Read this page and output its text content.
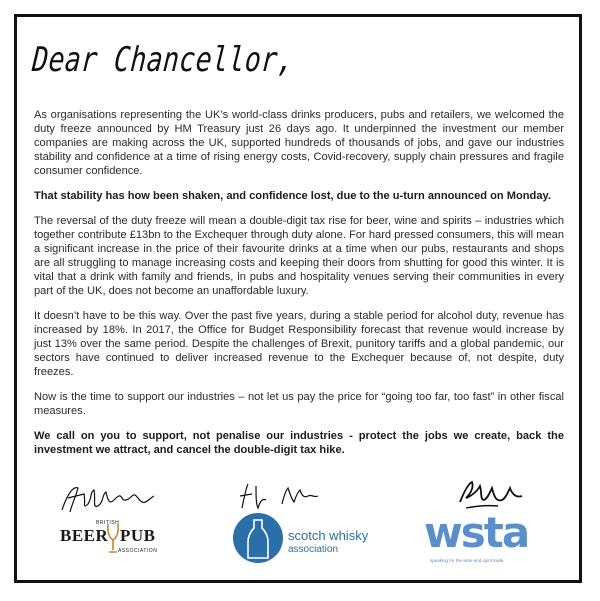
Dear Chancellor,

As organisations representing the UK’s world-class drinks producers, pubs and retailers, we welcomed the duty freeze announced by HM Treasury just 26 days ago. It underpinned the investment our member companies are making across the UK, supported hundreds of thousands of jobs, and gave our industries stability and confidence at a time of rising energy costs, Covid-recovery, supply chain pressures and fragile consumer confidence.

That stability has how been shaken, and confidence lost, due to the u-turn announced on Monday.

The reversal of the duty freeze will mean a double-digit tax rise for beer, wine and spirits – industries which together contribute £13bn to the Exchequer through duty alone. For hard pressed consumers, this will mean a significant increase in the price of their favourite drinks at a time when our pubs, restaurants and shops are all struggling to manage increasing costs and keeping their doors from shutting for good this winter. It is vital that a drink with family and friends, in pubs and hospitality venues serving their communities in every part of the UK, does not become an unaffordable luxury.

It doesn’t have to be this way. Over the past five years, during a stable period for alcohol duty, revenue has increased by 18%. In 2017, the Office for Budget Responsibility forecast that revenue would increase by just 13% over the same period. Despite the challenges of Brexit, punitory tariffs and a global pandemic, our sectors have continued to deliver increased revenue to the Exchequer because of, not despite, duty freezes.

Now is the time to support our industries – not let us pay the price for “going too far, too fast” in other fiscal measures.

We call on you to support, not penalise our industries - protect the jobs we create, back the investment we attract, and cancel the double-digit tax hike.

BRITISH
BEER PUB
ASSOCIATION
scotch whisky
association wsta
speaking for the wine and spirit trade
